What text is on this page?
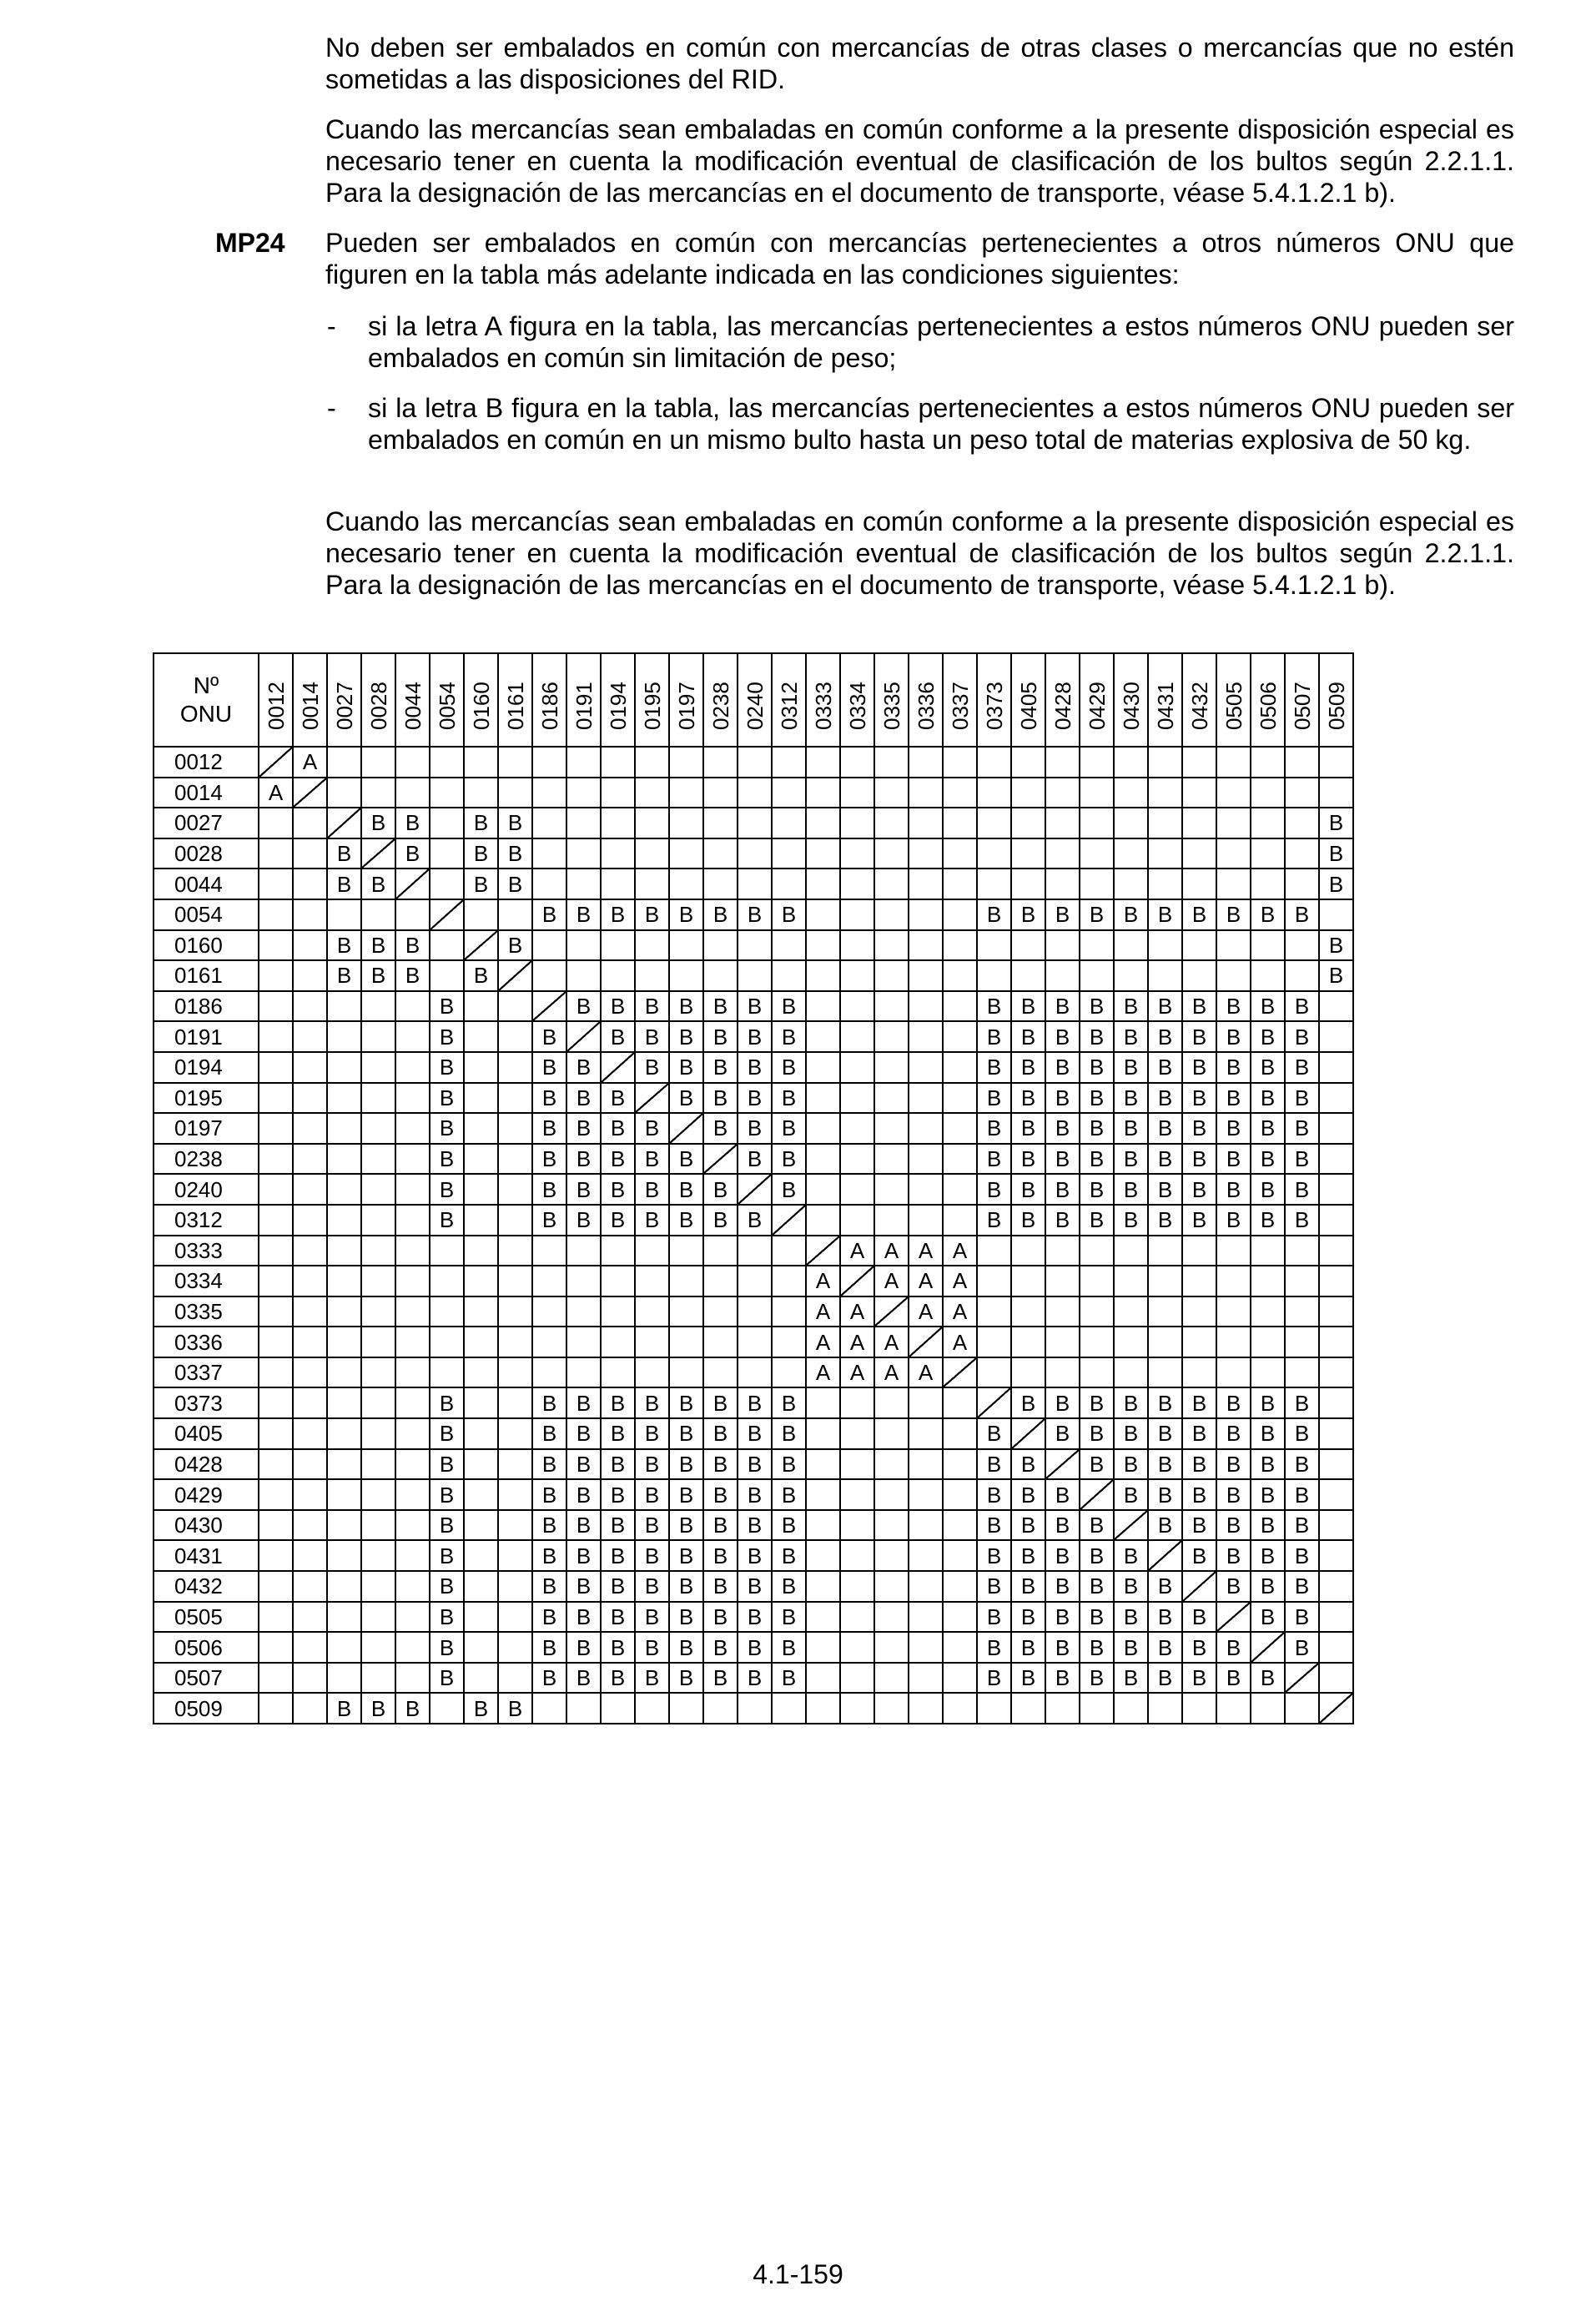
No deben ser embalados en común con mercancías de otras clases o mercancías que no estén sometidas a las disposiciones del RID.

Cuando las mercancías sean embaladas en común conforme a la presente disposición especial es necesario tener en cuenta la modificación eventual de clasificación de los bultos según 2.2.1.1. Para la designación de las mercancías en el documento de transporte, véase 5.4.1.2.1 b).

MP24 Pueden ser embalados en común con mercancías pertenecientes a otros números ONU que figuren en la tabla más adelante indicada en las condiciones siguientes:

- si la letra A figura en la tabla, las mercancías pertenecientes a estos números ONU pueden ser embalados en común sin limitación de peso;

- si la letra B figura en la tabla, las mercancías pertenecientes a estos números ONU pueden ser embalados en común en un mismo bulto hasta un peso total de materias explosiva de 50 kg.

Cuando las mercancías sean embaladas en común conforme a la presente disposición especial es necesario tener en cuenta la modificación eventual de clasificación de los bultos según 2.2.1.1. Para la designación de las mercancías en el documento de transporte, véase 5.4.1.2.1 b).

Nº
ONU	0012	0014	0027	0028	0044	0054	0160	0161	0186	0191	0194	0195	0197	0238	0240	0312	0333	0334	0335	0336	0337	0373	0405	0428	0429	0430	0431	0432	0505	0506	0507	0509

0012		A																														
0014	A																															
0027				B	B		B	B																								B
0028			B		B		B	B																								B
0044			B	B			B	B																								B
0054									B	B	B	B	B	B	B	B						B	B	B	B	B	B	B	B	B	B	
0160			B	B	B			B																								B
0161			B	B	B		B																									B
0186						B				B	B	B	B	B	B	B						B	B	B	B	B	B	B	B	B	B	
0191						B			B		B	B	B	B	B	B						B	B	B	B	B	B	B	B	B	B	
0194						B			B	B		B	B	B	B	B						B	B	B	B	B	B	B	B	B	B	
0195						B			B	B	B		B	B	B	B						B	B	B	B	B	B	B	B	B	B	
0197						B			B	B	B	B		B	B	B						B	B	B	B	B	B	B	B	B	B	
0238						B			B	B	B	B	B		B	B						B	B	B	B	B	B	B	B	B	B	
0240						B			B	B	B	B	B	B		B						B	B	B	B	B	B	B	B	B	B	
0312						B			B	B	B	B	B	B	B							B	B	B	B	B	B	B	B	B	B	
0333																		A	A	A	A											
0334																	A		A	A	A											
0335																	A	A		A	A											
0336																	A	A	A		A											
0337																	A	A	A	A												
0373						B			B	B	B	B	B	B	B	B							B	B	B	B	B	B	B	B	B	
0405						B			B	B	B	B	B	B	B	B						B		B	B	B	B	B	B	B	B	
0428						B			B	B	B	B	B	B	B	B						B	B		B	B	B	B	B	B	B	
0429						B			B	B	B	B	B	B	B	B						B	B	B		B	B	B	B	B	B	
0430						B			B	B	B	B	B	B	B	B						B	B	B	B		B	B	B	B	B	
0431						B			B	B	B	B	B	B	B	B						B	B	B	B	B		B	B	B	B	
0432						B			B	B	B	B	B	B	B	B						B	B	B	B	B	B		B	B	B	
0505						B			B	B	B	B	B	B	B	B						B	B	B	B	B	B	B		B	B	
0506						B			B	B	B	B	B	B	B	B						B	B	B	B	B	B	B	B		B	
0507						B			B	B	B	B	B	B	B	B						B	B	B	B	B	B	B	B	B		
0509			B	B	B		B	B																								
4.1-159
